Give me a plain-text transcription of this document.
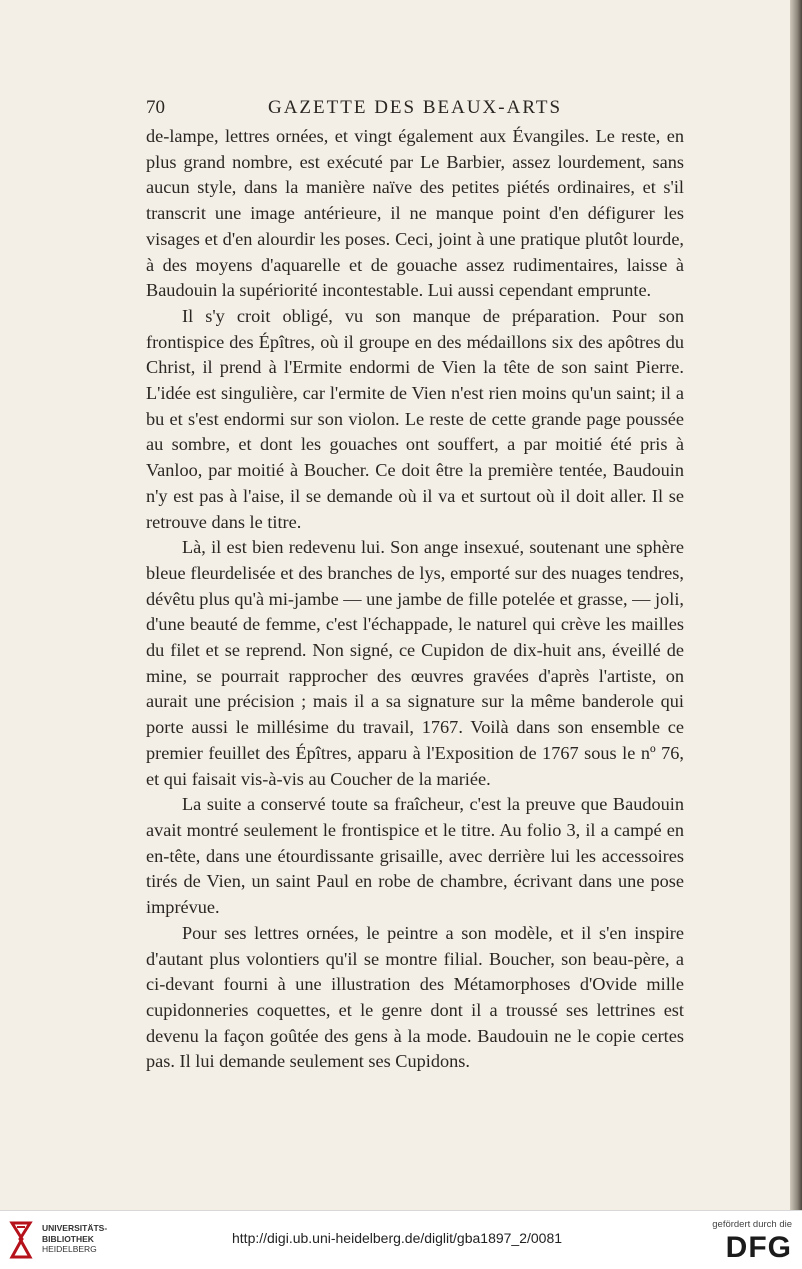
70	GAZETTE DES BEAUX-ARTS

de-lampe, lettres ornées, et vingt également aux Évangiles. Le reste, en plus grand nombre, est exécuté par Le Barbier, assez lourdement, sans aucun style, dans la manière naïve des petites piétés ordinaires, et s'il transcrit une image antérieure, il ne manque point d'en défigurer les visages et d'en alourdir les poses. Ceci, joint à une pratique plutôt lourde, à des moyens d'aquarelle et de gouache assez rudimentaires, laisse à Baudouin la supériorité incontestable. Lui aussi cependant emprunte.

Il s'y croit obligé, vu son manque de préparation. Pour son frontispice des Épîtres, où il groupe en des médaillons six des apôtres du Christ, il prend à l'Ermite endormi de Vien la tête de son saint Pierre. L'idée est singulière, car l'ermite de Vien n'est rien moins qu'un saint; il a bu et s'est endormi sur son violon. Le reste de cette grande page poussée au sombre, et dont les gouaches ont souffert, a par moitié été pris à Vanloo, par moitié à Boucher. Ce doit être la première tentée, Baudouin n'y est pas à l'aise, il se demande où il va et surtout où il doit aller. Il se retrouve dans le titre.

Là, il est bien redevenu lui. Son ange insexué, soutenant une sphère bleue fleurdelisée et des branches de lys, emporté sur des nuages tendres, dévêtu plus qu'à mi-jambe — une jambe de fille potelée et grasse, — joli, d'une beauté de femme, c'est l'échappade, le naturel qui crève les mailles du filet et se reprend. Non signé, ce Cupidon de dix-huit ans, éveillé de mine, se pourrait rapprocher des œuvres gravées d'après l'artiste, on aurait une précision ; mais il a sa signature sur la même banderole qui porte aussi le millésime du travail, 1767. Voilà dans son ensemble ce premier feuillet des Épîtres, apparu à l'Exposition de 1767 sous le nº 76, et qui faisait vis-à-vis au Coucher de la mariée.

La suite a conservé toute sa fraîcheur, c'est la preuve que Baudouin avait montré seulement le frontispice et le titre. Au folio 3, il a campé en en-tête, dans une étourdissante grisaille, avec derrière lui les accessoires tirés de Vien, un saint Paul en robe de chambre, écrivant dans une pose imprévue.

Pour ses lettres ornées, le peintre a son modèle, et il s'en inspire d'autant plus volontiers qu'il se montre filial. Boucher, son beau-père, a ci-devant fourni à une illustration des Métamorphoses d'Ovide mille cupidonneries coquettes, et le genre dont il a troussé ses lettrines est devenu la façon goûtée des gens à la mode. Baudouin ne le copie certes pas. Il lui demande seulement ses Cupidons.

UNIVERSITÄTS-
BIBLIOTHEK
HEIDELBERG
http://digi.ub.uni-heidelberg.de/diglit/gba1897_2/0081
gefördert durch die
DFG
